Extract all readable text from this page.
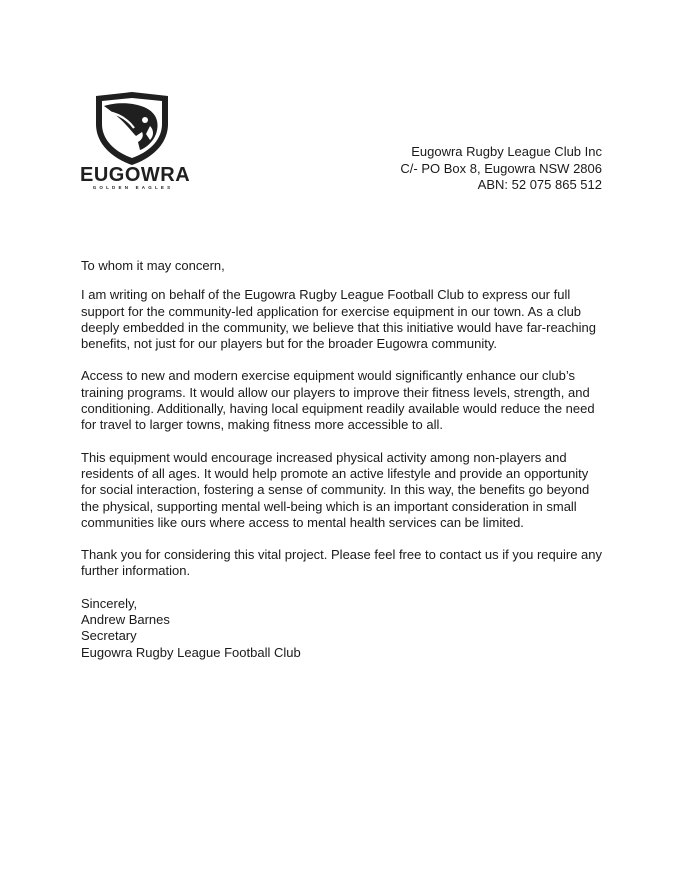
EUGOWRA
GOLDEN EAGLES
Eugowra Rugby League Club Inc
C/- PO Box 8, Eugowra NSW 2806
ABN: 52 075 865 512

To whom it may concern,

I am writing on behalf of the Eugowra Rugby League Football Club to express our full support for the community-led application for exercise equipment in our town. As a club deeply embedded in the community, we believe that this initiative would have far-reaching benefits, not just for our players but for the broader Eugowra community.

Access to new and modern exercise equipment would significantly enhance our club’s training programs. It would allow our players to improve their fitness levels, strength, and conditioning. Additionally, having local equipment readily available would reduce the need for travel to larger towns, making fitness more accessible to all.

This equipment would encourage increased physical activity among non-players and residents of all ages. It would help promote an active lifestyle and provide an opportunity for social interaction, fostering a sense of community. In this way, the benefits go beyond the physical, supporting mental well-being which is an important consideration in small communities like ours where access to mental health services can be limited.

Thank you for considering this vital project. Please feel free to contact us if you require any further information.

Sincerely,
Andrew Barnes
Secretary
Eugowra Rugby League Football Club
